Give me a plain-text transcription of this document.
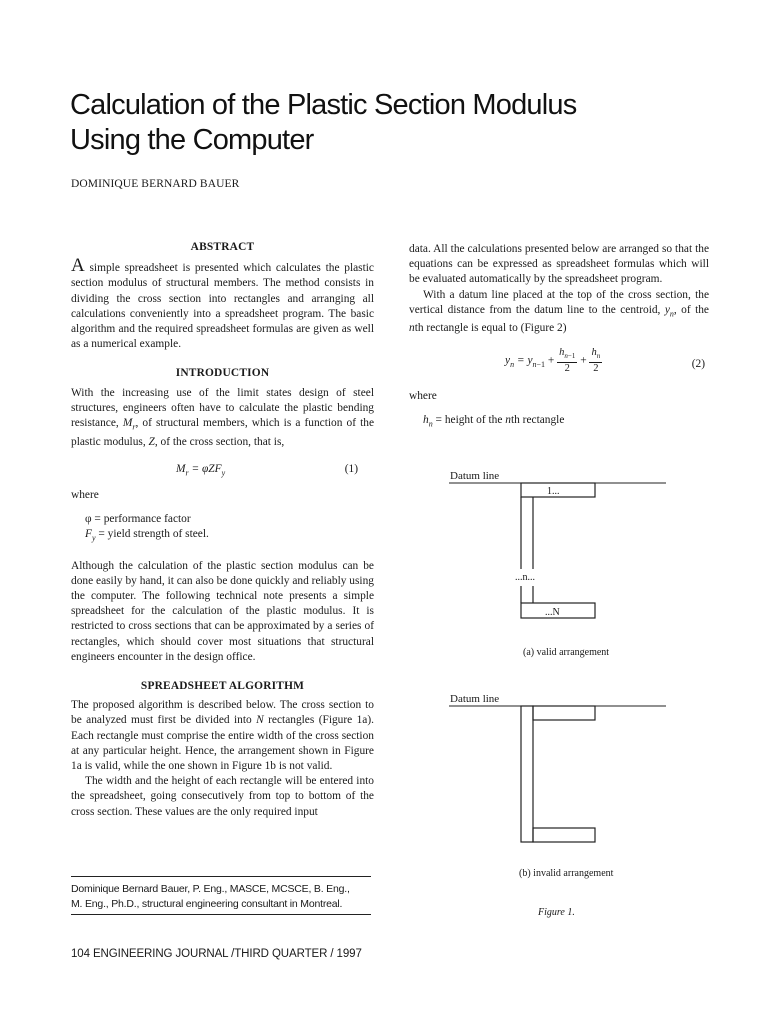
Calculation of the Plastic Section Modulus
Using the Computer
DOMINIQUE BERNARD BAUER
ABSTRACT

A simple spreadsheet is presented which calculates the plastic section modulus of structural members. The method consists in dividing the cross section into rectangles and arranging all calculations conveniently into a spreadsheet program. The basic algorithm and the required spreadsheet formulas are given as well as a numerical example.

INTRODUCTION

With the increasing use of the limit states design of steel structures, engineers often have to calculate the plastic bending resistance, $M_r$, of structural members, which is a function of the plastic modulus, Z, of the cross section, that is,

$M_r = \varphi ZF_y$	(1)

where

φ = performance factor

$F_y$ = yield strength of steel.

Although the calculation of the plastic section modulus can be done easily by hand, it can also be done quickly and reliably using the computer. The following technical note presents a simple spreadsheet for the calculation of the plastic modulus. It is restricted to cross sections that can be approximated by a series of rectangles, which should cover most situations that structural engineers encounter in the design office.

SPREADSHEET ALGORITHM

The proposed algorithm is described below. The cross section to be analyzed must first be divided into N rectangles (Figure 1a). Each rectangle must comprise the entire width of the cross section at any particular height. Hence, the arrangement shown in Figure 1a is valid, while the one shown in Figure 1b is not valid.

The width and the height of each rectangle will be entered into the spreadsheet, going consecutively from top to bottom of the cross section. These values are the only required input

data. All the calculations presented below are arranged so that the equations can be expressed as spreadsheet formulas which will be evaluated automatically by the spreadsheet program.

With a datum line placed at the top of the cross section, the vertical distance from the datum line to the centroid, $y_n$, of the nth rectangle is equal to (Figure 2)

$y_n = y_{n-1} + \frac{h_{n-1}}{2} + \frac{h_n}{2}$	(2)

where

$h_n$ = height of the nth rectangle

Datum line
1...
...n...
...N
(a) valid arrangement
Datum line
(b) invalid arrangement
Figure 1.
Dominique Bernard Bauer, P. Eng., MASCE, MCSCE, B. Eng.,
M. Eng., Ph.D., structural engineering consultant in Montreal.
104 ENGINEERING JOURNAL /THIRD QUARTER / 1997
